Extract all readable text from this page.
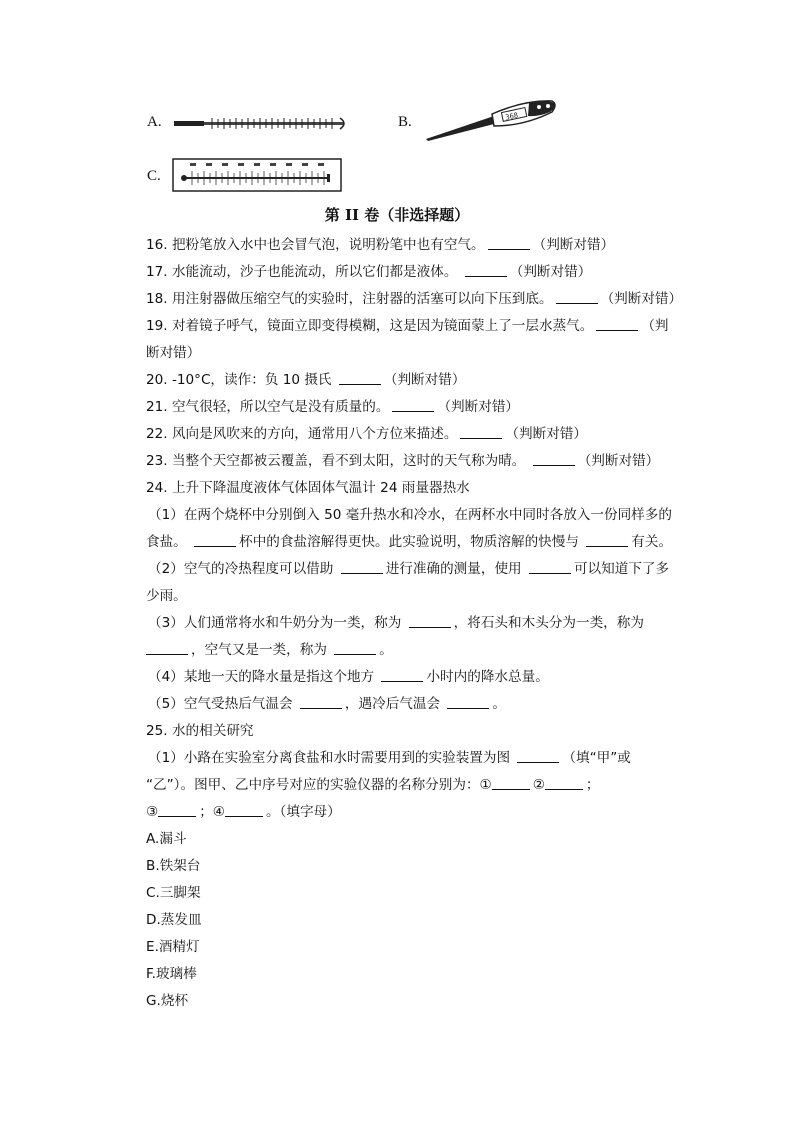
A.	B.	368
C.
第 II 卷（非选择题）
16. 把粉笔放入水中也会冒气泡，说明粉笔中也有空气。	（判断对错）
17. 水能流动，沙子也能流动，所以它们都是液体。	（判断对错）
18. 用注射器做压缩空气的实验时，注射器的活塞可以向下压到底。	（判断对错）
19. 对着镜子呼气，镜面立即变得模糊，这是因为镜面蒙上了一层水蒸气。	（判
断对错）
20. -10°C，读作：负 10 摄氏	（判断对错）
21. 空气很轻，所以空气是没有质量的。	（判断对错）
22. 风向是风吹来的方向，通常用八个方位来描述。	（判断对错）
23. 当整个天空都被云覆盖，看不到太阳，这时的天气称为晴。	（判断对错）
24. 上升下降温度液体气体固体气温计 24 雨量器热水
（1）在两个烧杯中分别倒入 50 毫升热水和冷水，在两杯水中同时各放入一份同样多的
食盐。	杯中的食盐溶解得更快。此实验说明，物质溶解的快慢与	有关。
（2）空气的冷热程度可以借助	进行准确的测量，使用	可以知道下了多
少雨。
（3）人们通常将水和牛奶分为一类，称为	，将石头和木头分为一类，称为
，空气又是一类，称为	。
（4）某地一天的降水量是指这个地方	小时内的降水总量。
（5）空气受热后气温会	，遇冷后气温会	。
25. 水的相关研究
（1）小路在实验室分离食盐和水时需要用到的实验装置为图	（填“甲”或
“乙”）。图甲、乙中序号对应的实验仪器的名称分别为：①	②	；
③	；④	。（填字母）
A.漏斗
B.铁架台
C.三脚架
D.蒸发皿
E.酒精灯
F.玻璃棒
G.烧杯
